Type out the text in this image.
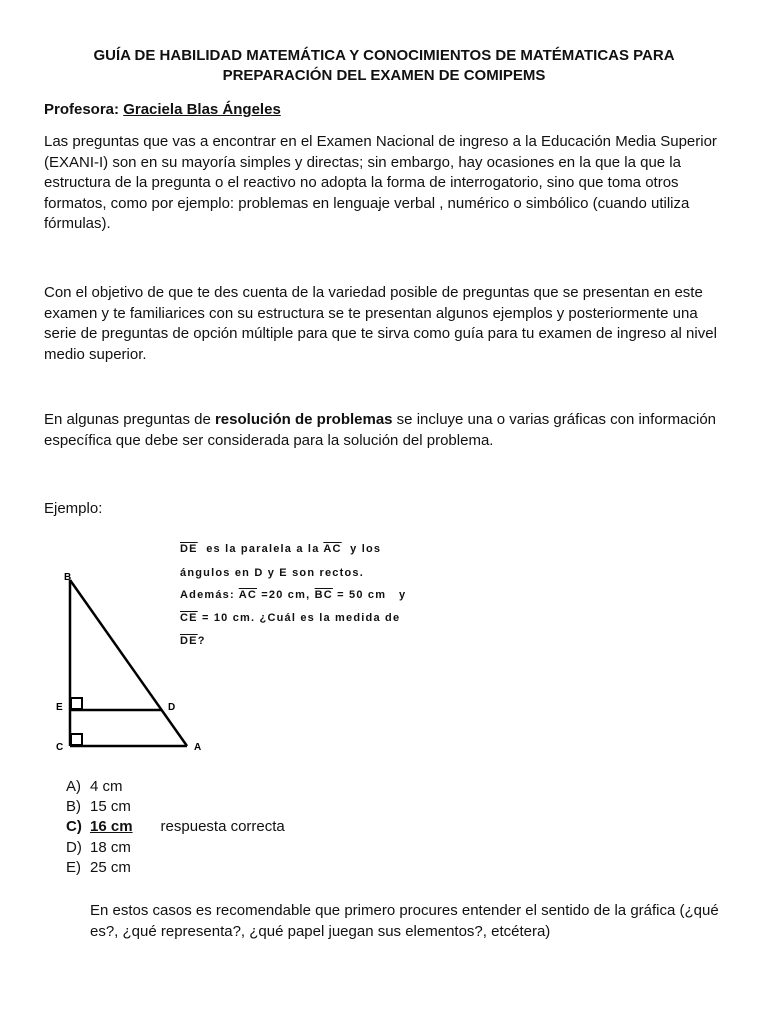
GUÍA DE HABILIDAD MATEMÁTICA Y CONOCIMIENTOS DE MATÉMATICAS PARA
PREPARACIÓN DEL EXAMEN DE COMIPEMS
Profesora: Graciela Blas Ángeles
Las preguntas que vas a encontrar en el Examen Nacional de ingreso a la Educación Media Superior (EXANI-I) son en su mayoría simples y directas; sin embargo, hay ocasiones en la que la que la estructura de la pregunta o el reactivo no adopta la forma de interrogatorio, sino que toma otros formatos, como por ejemplo: problemas en lenguaje verbal , numérico o simbólico (cuando utiliza fórmulas).
Con el objetivo de que te des cuenta de la variedad posible de preguntas que se presentan en este examen y te familiarices con su estructura se te presentan algunos ejemplos y posteriormente una serie de preguntas de opción múltiple para que te sirva como guía para tu examen de ingreso al nivel medio superior.
En algunas preguntas de resolución de problemas se incluye una o varias gráficas con información específica que debe ser considerada para la solución del problema.
Ejemplo:
$\overline{DE}$  es la paralela a la $\overline{AC}$  y los
ángulos en D y E son rectos.
Además: $\overline{AC} =20$ cm, $\overline{BC} = 50$ cm   y
$\overline{CE} = 10$ cm. ¿Cuál es la medida de
$\overline{DE}$?
B
E	D
C	A
A) 4 cm
B) 15 cm
C) 16 cm respuesta correcta
D) 18 cm
E) 25 cm
En estos casos es recomendable que primero procures entender el sentido de la gráfica (¿qué es?, ¿qué representa?, ¿qué papel juegan sus elementos?, etcétera)
